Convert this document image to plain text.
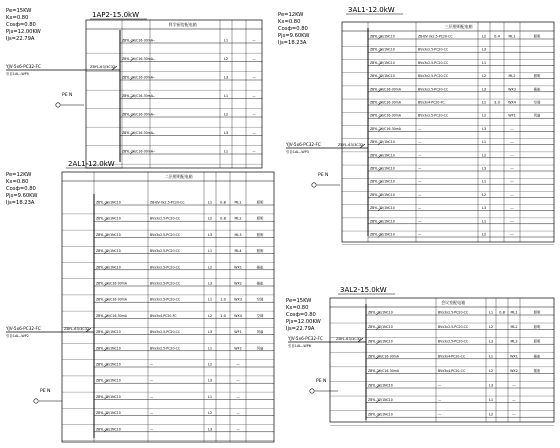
1AP2-15.0kW
Pe=15KW
Kx=0.80
Cosф=0.80
Pjs=12.00KW
Ijs=22.79A
科学厨房配电箱
YJV-5x6-PC32-FC
引自1AL--WP5
ZBYL-63/3C32
PE N
ZBYL-20/C16-30mA —	L1	—
ZBYL-20/C16-30mA —	L2	—
ZBYL-20/C16-30mA —	L3	—
ZBYL-20/C16-30mA —	L1	—
ZBYL-20/C16-30mA —	L2	—
ZBYL-20/C16-30mA —	L3	—
ZBYL-20/C16-30mA —	L1	—
3AL1-12.0kW
Pe=12KW
Kx=0.80
Cosф=0.80
Pjs=9.60KW
Ijs=18.23A
三层照明配电箱
YJV-5x6-PC32-FC
引自1AL--WP3
ZBYL-63/3C32
PE N
ZBYL-32/1NC10	ZB-BV-3x2.5-PC20-CC	L2 0.4	ML1	照明
ZBYL-32/1NC10	BVx3x2.5-PC20-CC	L3
ZBYL-32/1NC10	BVx3x2.5-PC20-CC	L1
ZBYL-32/1NC10	BVx3x2.5-PC20-CC	L2	ML2	照明
ZBYL-20/C16-30mA	BVx3x2.5-PC20-CC	L3	WX3	插座
ZBYL-20/C16-30mA	BVx3x4-PC20-FC	L1 3.0 WX4	空调
ZBYL-20/C16-30mA	BVx3x2.5-PC20-CC	L2	WF1	风扇
ZBYL-20/C16-30mA	—	L3	—
ZBYL-32/1NC10	—	L1	—
ZBYL-32/1NC10	—	L2	—
ZBYL-32/1NC10	—	L3	—
ZBYL-32/1NC10	—	L1	—
ZBYL-32/1NC10	—	L2	—
ZBYL-32/1NC10	—	L3	—
ZBYL-32/1NC10	—	L1	—
ZBYL-32/1NC10	—	L2	—
2AL1-12.0kW
Pe=12KW
Kx=0.80
Cosф=0.80
Pjs=9.60KW
Ijs=18.23A
二层照明配电箱
YJV-5x6-PC32-FC
引自1AL--WP2
ZBYL-63/3C32
PE N
ZBYL-32/1NC10	ZB-BV-3x2.5-PC20-CC	L1 0.8	ML1	照明
ZBYL-32/1NC10	BVx3x2.5-PC20-CC	L2 0.8	ML2	照明
ZBYL-32/1NC10	BVx3x2.5-PC20-CC	L3	ML3	照明
ZBYL-32/1NC10	BVx3x2.5-PC20-CC	L1	ML4	照明
ZBYL-32/1NC10	BVx3x2.5-PC20-CC	L2	WX1	插座
ZBYL-20/C16-30mA	BVx3x2.5-PC20-CC	L3	WX2	插座
ZBYL-20/C16-30mA	BVx3x2.5-PC20-CC	L1 1.0 WX3	空调
ZBYL-20/C16-30mA	BVx3x4-PC20-FC	L2 1.0 WX4	空调
ZBYL-32/1NC10	BVx3x2.5-PC20-CC	L3	WF1	风扇
ZBYL-32/1NC10	BVx3x2.5-PC20-CC	L1	WF2	风扇
ZBYL-32/1NC10	—	L2	—
ZBYL-32/1NC10	—	L3	—
ZBYL-32/1NC10	—	L1	—
ZBYL-32/1NC10	—	L2	—
ZBYL-32/1NC10	—	L3	—
3AL2-15.0kW
Pe=15KW
Kx=0.80
Cosф=0.80
Pjs=12.00KW
Ijs=22.79A
会议室配电箱
YJV-5x6-PC32-FC
引自1AL--WP6
ZBYL-63/3C32
PE N
ZBYL-32/1NC10	BVx3x2.5-PC20-CC	L1 0.8 ML1	照明
ZBYL-32/1NC10	BVx3x2.5-PC20-CC	L2	ML2	照明
ZBYL-32/1NC10	BVx3x2.5-PC20-CC	L3	ML3	照明
ZBYL-20/C16-30mA	BVx3x4-PC20-CC	L1	WX1	插座
ZBYL-20/C16-30mA	BVx3x4-PC20-CC	L2	WX2	插座
ZBYL-32/1NC10	—	L3	—
ZBYL-32/1NC10	—	L1	—
ZBYL-32/1NC10	—	L2	—
